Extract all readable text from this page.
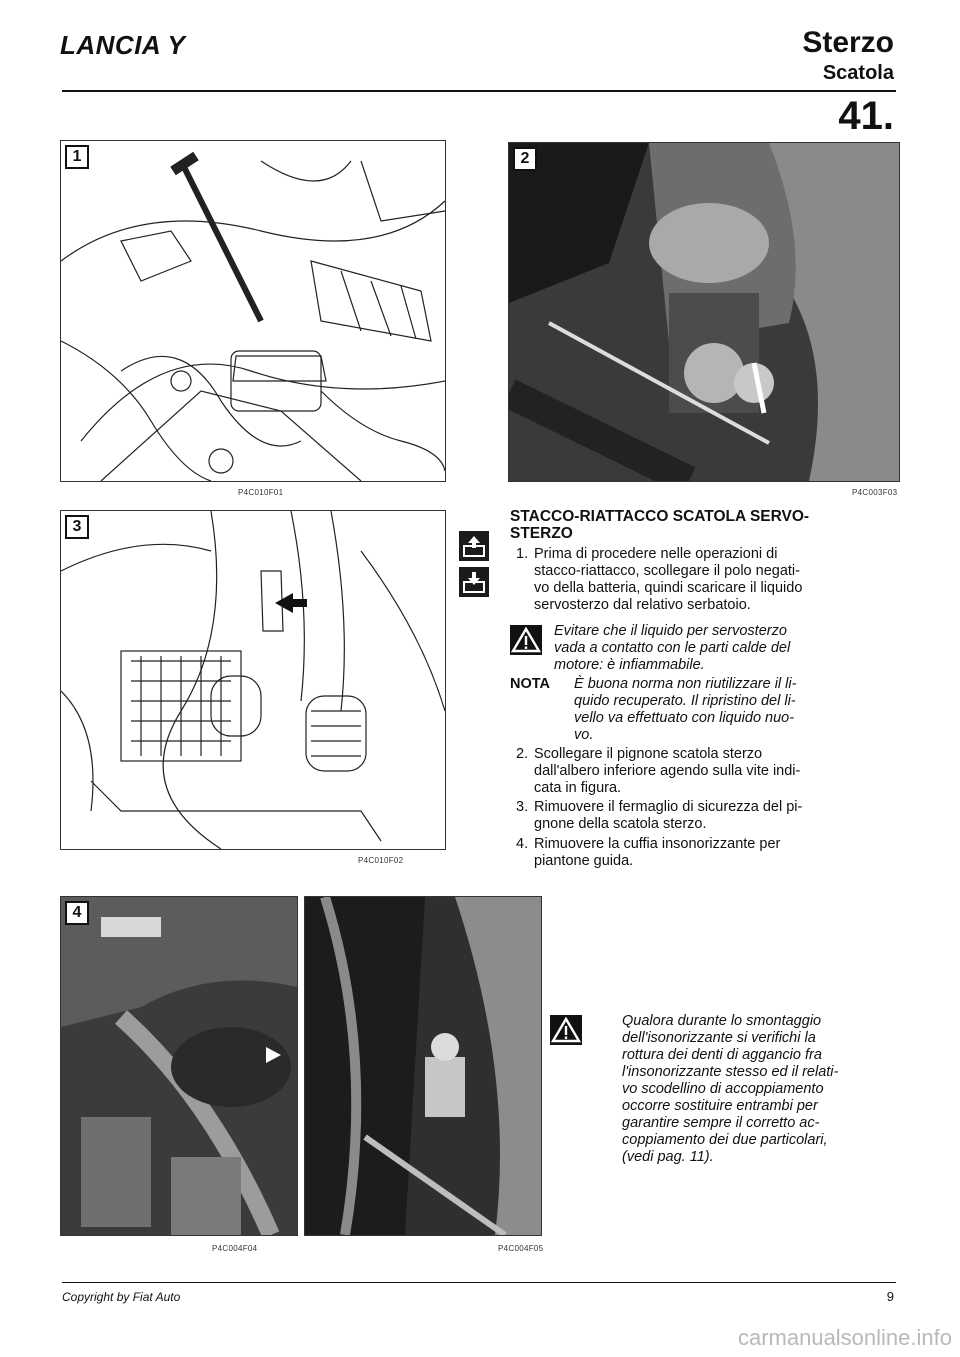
LANCIA Y	Sterzo
Scatola
41.
1
P4C010F01
2
P4C003F03
3
P4C010F02
STACCO-RIATTACCO SCATOLA SERVO-
STERZO
1. Prima di procedere nelle operazioni di
stacco-riattacco, scollegare il polo negati-
vo della batteria, quindi scaricare il liquido
servosterzo dal relativo serbatoio.
Evitare che il liquido per servosterzo
vada a contatto con le parti calde del
motore: è infiammabile.
NOTA È buona norma non riutilizzare il li-
quido recuperato. Il ripristino del li-
vello va effettuato con liquido nuo-
vo.
2. Scollegare il pignone scatola sterzo
dall'albero inferiore agendo sulla vite indi-
cata in figura.
3. Rimuovere il fermaglio di sicurezza del pi-
gnone della scatola sterzo.
4. Rimuovere la cuffia insonorizzante per
piantone guida.
4
P4C004F04	P4C004F05
Qualora durante lo smontaggio
dell'isonorizzante si verifichi la
rottura dei denti di aggancio fra
l'insonorizzante stesso ed il relati-
vo scodellino di accoppiamento
occorre sostituire entrambi per
garantire sempre il corretto ac-
coppiamento dei due particolari,
(vedi pag. 11).
Copyright by Fiat Auto	9
carmanualsonline.info
